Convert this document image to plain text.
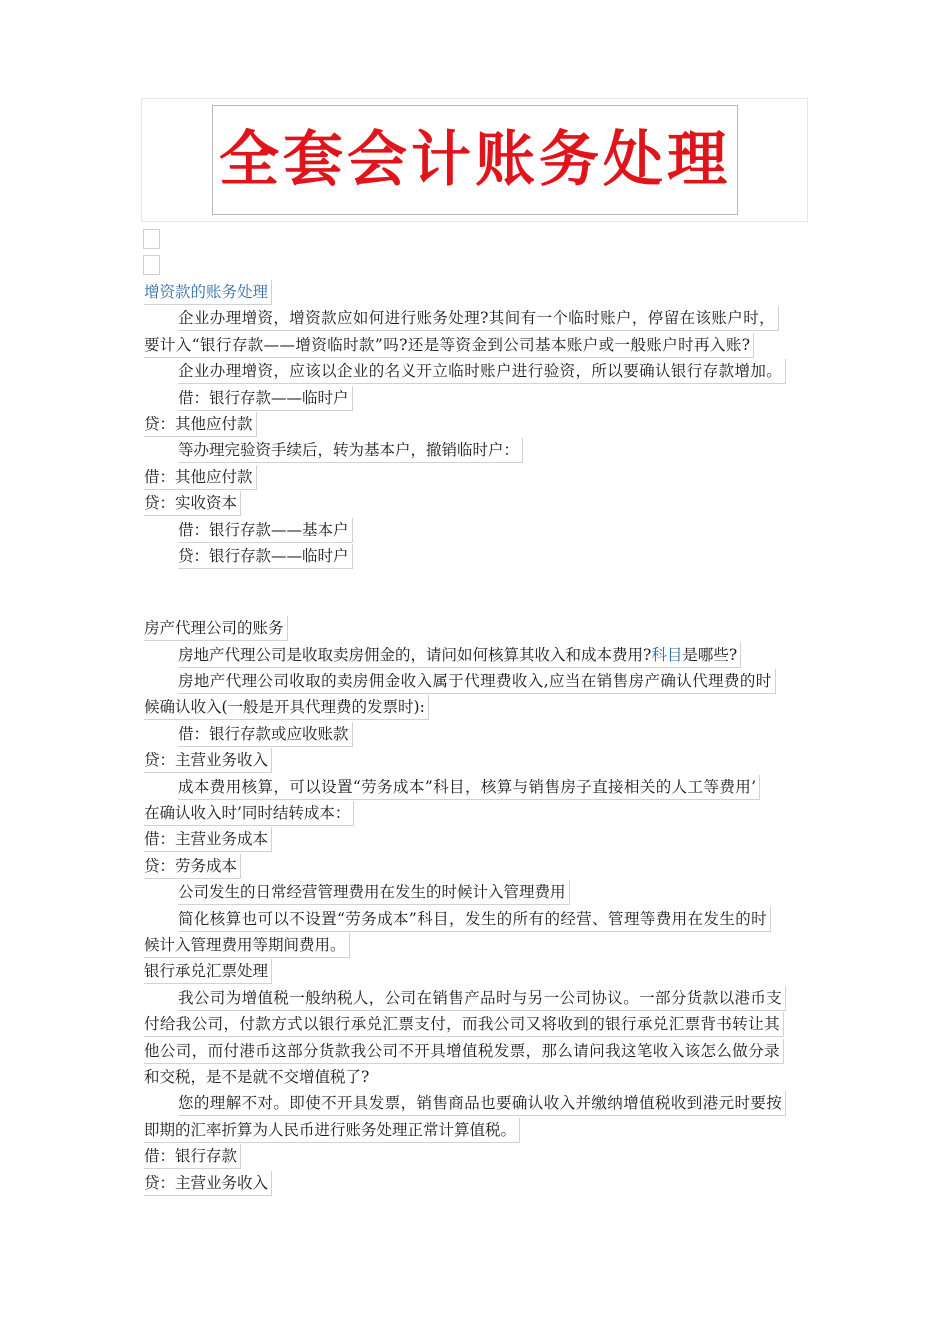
全套会计账务处理
增资款的账务处理
企业办理增资，增资款应如何进行账务处理?其间有一个临时账户，停留在该账户时，
要计入“银行存款——增资临时款”吗?还是等资金到公司基本账户或一般账户时再入账?
企业办理增资，应该以企业的名义开立临时账户进行验资，所以要确认银行存款增加。
借：银行存款——临时户
贷：其他应付款
等办理完验资手续后，转为基本户，撤销临时户：
借：其他应付款
贷：实收资本
借：银行存款——基本户
贷：银行存款——临时户
房产代理公司的账务
房地产代理公司是收取卖房佣金的，请问如何核算其收入和成本费用?科目是哪些?
房地产代理公司收取的卖房佣金收入属于代理费收入,应当在销售房产确认代理费的时
候确认收入(一般是开具代理费的发票时):
借：银行存款或应收账款
贷：主营业务收入
成本费用核算，可以设置“劳务成本”科目，核算与销售房子直接相关的人工等费用’
在确认收入时’同时结转成本：
借：主营业务成本
贷：劳务成本
公司发生的日常经营管理费用在发生的时候计入管理费用
简化核算也可以不设置“劳务成本”科目，发生的所有的经营、管理等费用在发生的时
候计入管理费用等期间费用。
银行承兑汇票处理
我公司为增值税一般纳税人，公司在销售产品时与另一公司协议。一部分货款以港币支
付给我公司，付款方式以银行承兑汇票支付，而我公司又将收到的银行承兑汇票背书转让其
他公司，而付港币这部分货款我公司不开具增值税发票，那么请问我这笔收入该怎么做分录
和交税，是不是就不交增值税了?
您的理解不对。即使不开具发票，销售商品也要确认收入并缴纳增值税收到港元时要按
即期的汇率折算为人民币进行账务处理正常计算值税。
借：银行存款
贷：主营业务收入
